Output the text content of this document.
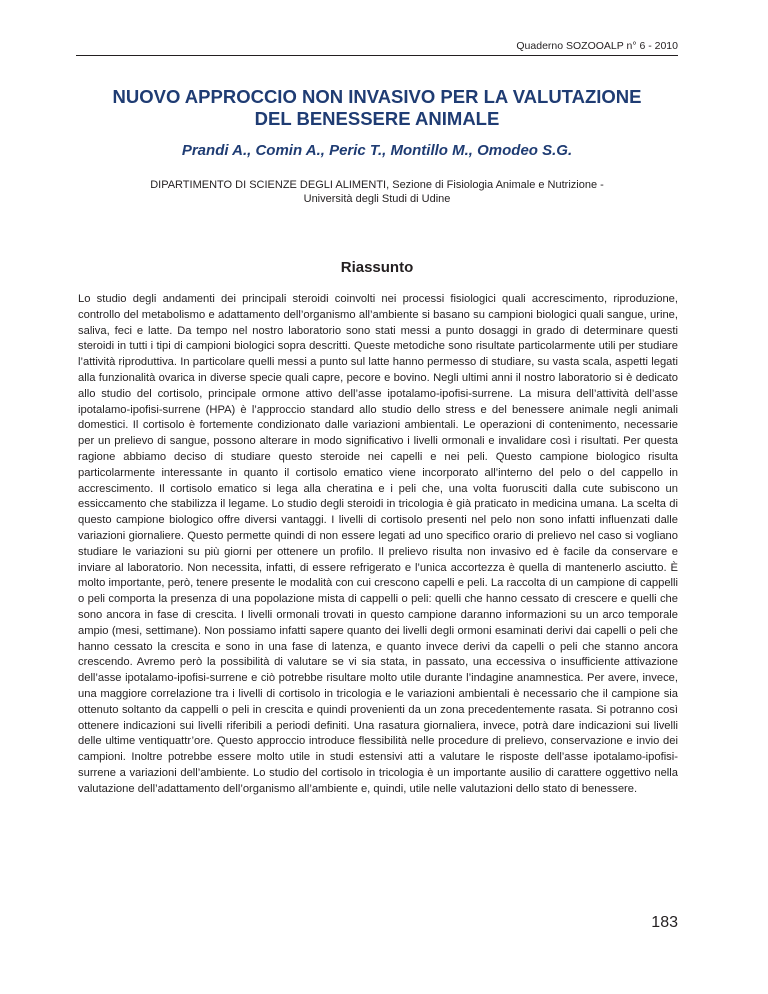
Quaderno SOZOOALP n° 6 - 2010
NUOVO APPROCCIO NON INVASIVO PER LA VALUTAZIONE
DEL BENESSERE ANIMALE
Prandi A., Comin A., Peric T., Montillo M., Omodeo S.G.
DIPARTIMENTO DI SCIENZE DEGLI ALIMENTI, Sezione di Fisiologia Animale e Nutrizione -
Università degli Studi di Udine
Riassunto

Lo studio degli andamenti dei principali steroidi coinvolti nei processi fisiologici quali accrescimento, riproduzione, controllo del metabolismo e adattamento dell’organismo all’ambiente si basano su campioni biologici quali sangue, urine, saliva, feci e latte. Da tempo nel nostro laboratorio sono stati messi a punto dosaggi in grado di determinare questi steroidi in tutti i tipi di campioni biologici sopra descritti. Queste metodiche sono risultate particolarmente utili per studiare l’attività riproduttiva. In particolare quelli messi a punto sul latte hanno permesso di studiare, su vasta scala, aspetti legati alla funzionalità ovarica in diverse specie quali capre, pecore e bovino. Negli ultimi anni il nostro laboratorio si è dedicato allo studio del cortisolo, principale ormone attivo dell’asse ipotalamo-ipofisi-surrene. La misura dell’attività dell’asse ipotalamo-ipofisi-surrene (HPA) è l’approccio standard allo studio dello stress e del benessere animale negli animali domestici. Il cortisolo è fortemente condizionato dalle variazioni ambientali. Le operazioni di contenimento, necessarie per un prelievo di sangue, possono alterare in modo significativo i livelli ormonali e invalidare così i risultati. Per questa ragione abbiamo deciso di studiare questo steroide nei capelli e nei peli. Questo campione biologico risulta particolarmente interessante in quanto il cortisolo ematico viene incorporato all’interno del pelo o del cappello in accrescimento. Il cortisolo ematico si lega alla cheratina e i peli che, una volta fuorusciti dalla cute subiscono un essiccamento che stabilizza il legame. Lo studio degli steroidi in tricologia è già praticato in medicina umana. La scelta di questo campione biologico offre diversi vantaggi. I livelli di cortisolo presenti nel pelo non sono infatti influenzati dalle variazioni giornaliere. Questo permette quindi di non essere legati ad uno specifico orario di prelievo nel caso si vogliano studiare le variazioni su più giorni per ottenere un profilo. Il prelievo risulta non invasivo ed è facile da conservare e inviare al laboratorio. Non necessita, infatti, di essere refrigerato e l’unica accortezza è quella di mantenerlo asciutto. È molto importante, però, tenere presente le modalità con cui crescono capelli e peli. La raccolta di un campione di cappelli o peli comporta la presenza di una popolazione mista di cappelli o peli: quelli che hanno cessato di crescere e quelli che sono ancora in fase di crescita. I livelli ormonali trovati in questo campione daranno informazioni su un arco temporale ampio (mesi, settimane). Non possiamo infatti sapere quanto dei livelli degli ormoni esaminati derivi dai capelli o peli che hanno cessato la crescita e sono in una fase di latenza, e quanto invece derivi da capelli o peli che stanno ancora crescendo. Avremo però la possibilità di valutare se vi sia stata, in passato, una eccessiva o insufficiente attivazione dell’asse ipotalamo-ipofisi-surrene e ciò potrebbe risultare molto utile durante l’indagine anamnestica. Per avere, invece, una maggiore correlazione tra i livelli di cortisolo in tricologia e le variazioni ambientali è necessario che il campione sia ottenuto soltanto da cappelli o peli in crescita e quindi provenienti da un zona precedentemente rasata. Si potranno così ottenere indicazioni sui livelli riferibili a periodi definiti. Una rasatura giornaliera, invece, potrà dare indicazioni sui livelli delle ultime ventiquattr’ore. Questo approccio introduce flessibilità nelle procedure di prelievo, conservazione e invio dei campioni. Inoltre potrebbe essere molto utile in studi estensivi atti a valutare le risposte dell’asse ipotalamo-ipofisi-surrene a variazioni dell’ambiente. Lo studio del cortisolo in tricologia è un importante ausilio di carattere oggettivo nella valutazione dell’adattamento dell’organismo all’ambiente e, quindi, utile nelle valutazioni dello stato di benessere.

183
